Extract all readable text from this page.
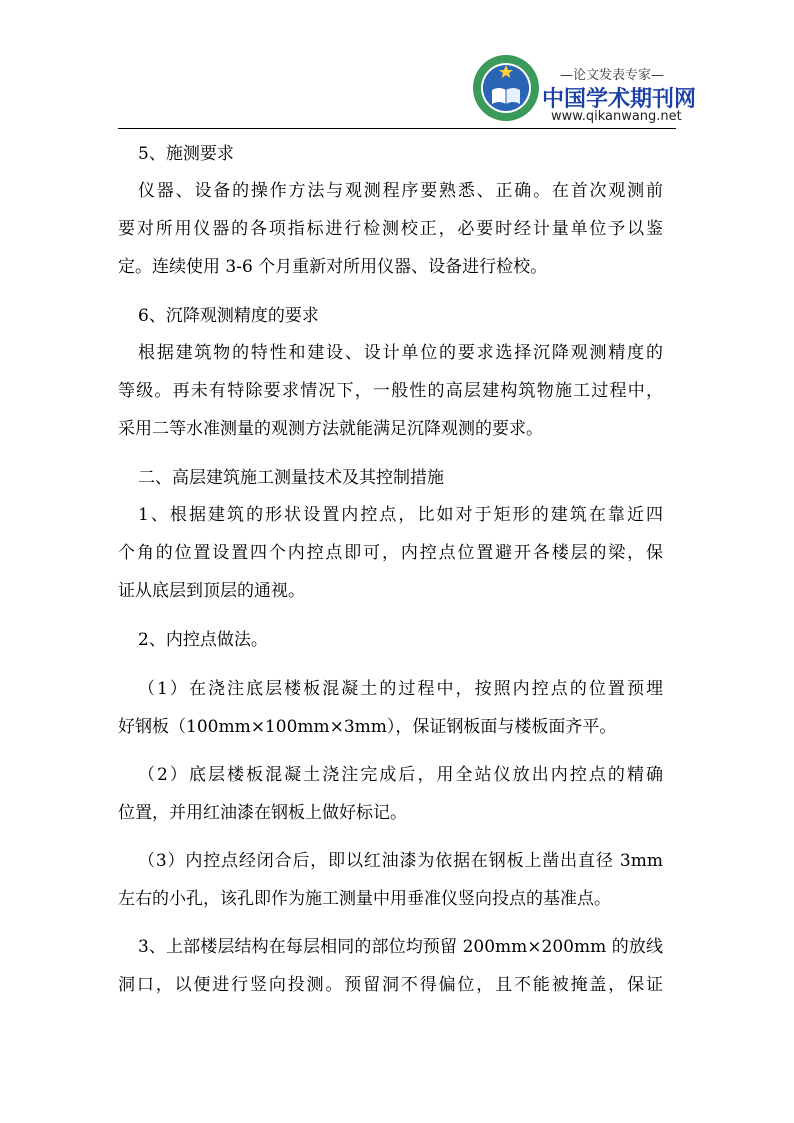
—论文发表专家—
中国学术期刊网
www.qikanwang.net
5、施测要求
仪器、设备的操作方法与观测程序要熟悉、正确。在首次观测前
要对所用仪器的各项指标进行检测校正，必要时经计量单位予以鉴
定。连续使用 3-6 个月重新对所用仪器、设备进行检校。
6、沉降观测精度的要求
根据建筑物的特性和建设、设计单位的要求选择沉降观测精度的
等级。再未有特除要求情况下，一般性的高层建构筑物施工过程中，
采用二等水准测量的观测方法就能满足沉降观测的要求。
二、高层建筑施工测量技术及其控制措施
1、根据建筑的形状设置内控点，比如对于矩形的建筑在靠近四
个角的位置设置四个内控点即可，内控点位置避开各楼层的梁，保
证从底层到顶层的通视。
2、内控点做法。
（1）在浇注底层楼板混凝土的过程中，按照内控点的位置预埋
好钢板（100mm×100mm×3mm），保证钢板面与楼板面齐平。
（2）底层楼板混凝土浇注完成后，用全站仪放出内控点的精确
位置，并用红油漆在钢板上做好标记。
（3）内控点经闭合后，即以红油漆为依据在钢板上凿出直径 3mm
左右的小孔，该孔即作为施工测量中用垂准仪竖向投点的基准点。
3、上部楼层结构在每层相同的部位均预留 200mm×200mm 的放线
洞口，以便进行竖向投测。预留洞不得偏位，且不能被掩盖，保证
